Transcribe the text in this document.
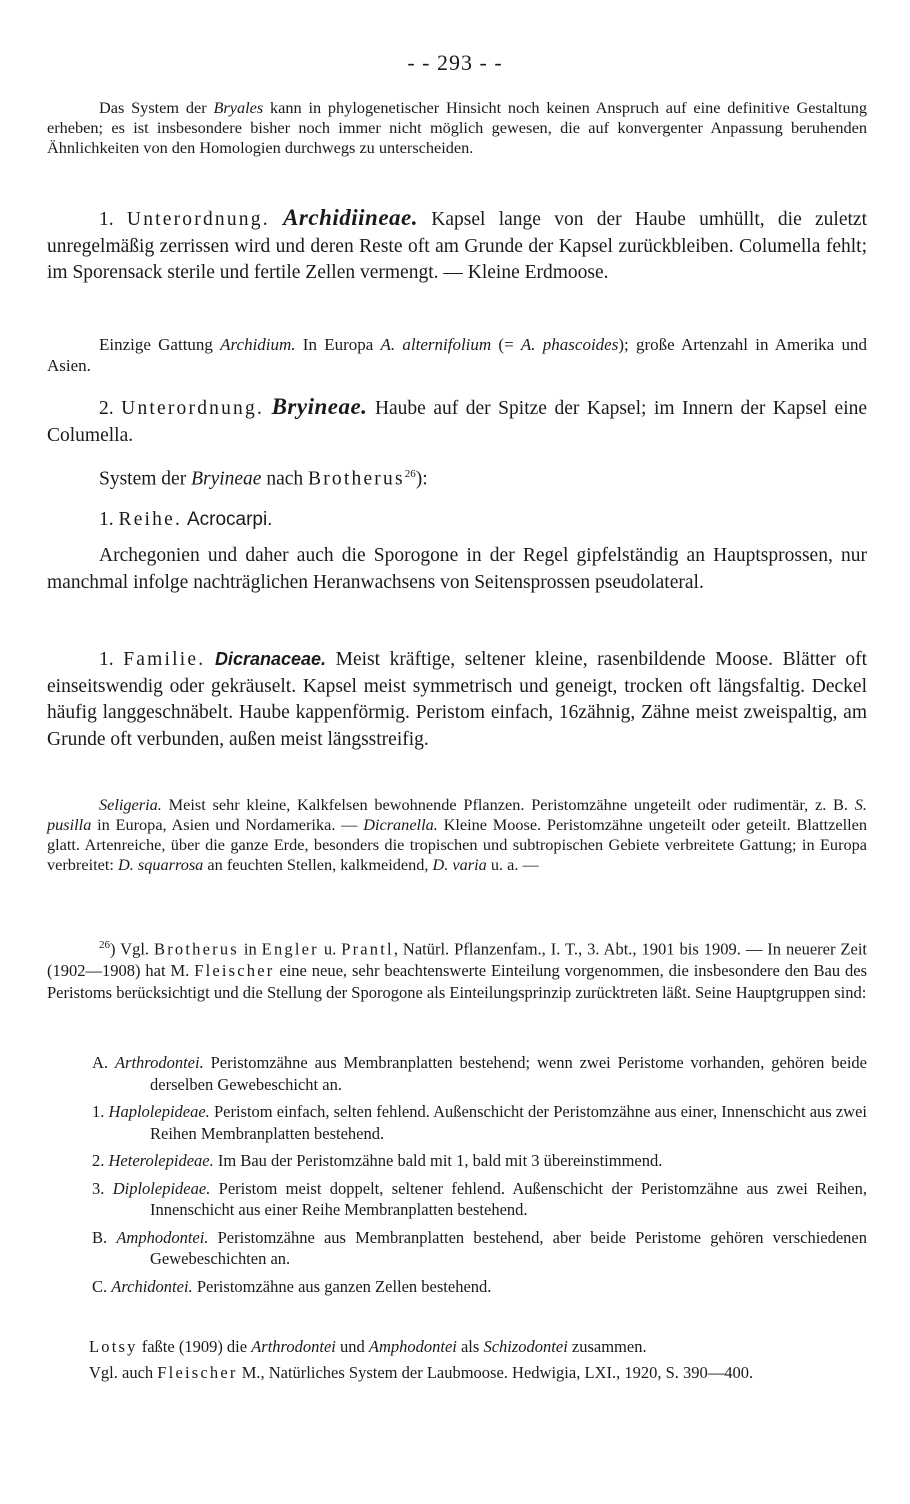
- - 293 - -

Das System der Bryales kann in phylogenetischer Hinsicht noch keinen Anspruch auf eine definitive Gestaltung erheben; es ist insbesondere bisher noch immer nicht möglich gewesen, die auf konvergenter Anpassung beruhenden Ähnlichkeiten von den Homologien durchwegs zu unterscheiden.

1. Unterordnung. Archidiineae. Kapsel lange von der Haube umhüllt, die zuletzt unregelmäßig zerrissen wird und deren Reste oft am Grunde der Kapsel zurückbleiben. Columella fehlt; im Sporensack sterile und fertile Zellen vermengt. — Kleine Erdmoose.

Einzige Gattung Archidium. In Europa A. alternifolium (= A. phascoides); große Artenzahl in Amerika und Asien.

2. Unterordnung. Bryineae. Haube auf der Spitze der Kapsel; im Innern der Kapsel eine Columella.

System der Bryineae nach Brotherus$^{26}$):

1. Reihe. Acrocarpi.

Archegonien und daher auch die Sporogone in der Regel gipfelständig an Hauptsprossen, nur manchmal infolge nachträglichen Heranwachsens von Seitensprossen pseudolateral.

1. Familie. Dicranaceae. Meist kräftige, seltener kleine, rasenbildende Moose. Blätter oft einseitswendig oder gekräuselt. Kapsel meist symmetrisch und geneigt, trocken oft längsfaltig. Deckel häufig langgeschnäbelt. Haube kappenförmig. Peristom einfach, 16zähnig, Zähne meist zweispaltig, am Grunde oft verbunden, außen meist längsstreifig.

Seligeria. Meist sehr kleine, Kalkfelsen bewohnende Pflanzen. Peristomzähne ungeteilt oder rudimentär, z. B. S. pusilla in Europa, Asien und Nordamerika. — Dicranella. Kleine Moose. Peristomzähne ungeteilt oder geteilt. Blattzellen glatt. Artenreiche, über die ganze Erde, besonders die tropischen und subtropischen Gebiete verbreitete Gattung; in Europa verbreitet: D. squarrosa an feuchten Stellen, kalkmeidend, D. varia u. a. —

$^{26}$) Vgl. Brotherus in Engler u. Prantl, Natürl. Pflanzenfam., I. T., 3. Abt., 1901 bis 1909. — In neuerer Zeit (1902—1908) hat M. Fleischer eine neue, sehr beachtenswerte Einteilung vorgenommen, die insbesondere den Bau des Peristoms berücksichtigt und die Stellung der Sporogone als Einteilungsprinzip zurücktreten läßt. Seine Hauptgruppen sind:

A. Arthrodontei. Peristomzähne aus Membranplatten bestehend; wenn zwei Peristome vorhanden, gehören beide derselben Gewebeschicht an.

1. Haplolepideae. Peristom einfach, selten fehlend. Außenschicht der Peristomzähne aus einer, Innenschicht aus zwei Reihen Membranplatten bestehend.

2. Heterolepideae. Im Bau der Peristomzähne bald mit 1, bald mit 3 übereinstimmend.

3. Diplolepideae. Peristom meist doppelt, seltener fehlend. Außenschicht der Peristomzähne aus zwei Reihen, Innenschicht aus einer Reihe Membranplatten bestehend.

B. Amphodontei. Peristomzähne aus Membranplatten bestehend, aber beide Peristome gehören verschiedenen Gewebeschichten an.

C. Archidontei. Peristomzähne aus ganzen Zellen bestehend.

Lotsy faßte (1909) die Arthrodontei und Amphodontei als Schizodontei zusammen.

Vgl. auch Fleischer M., Natürliches System der Laubmoose. Hedwigia, LXI., 1920, S. 390—400.
